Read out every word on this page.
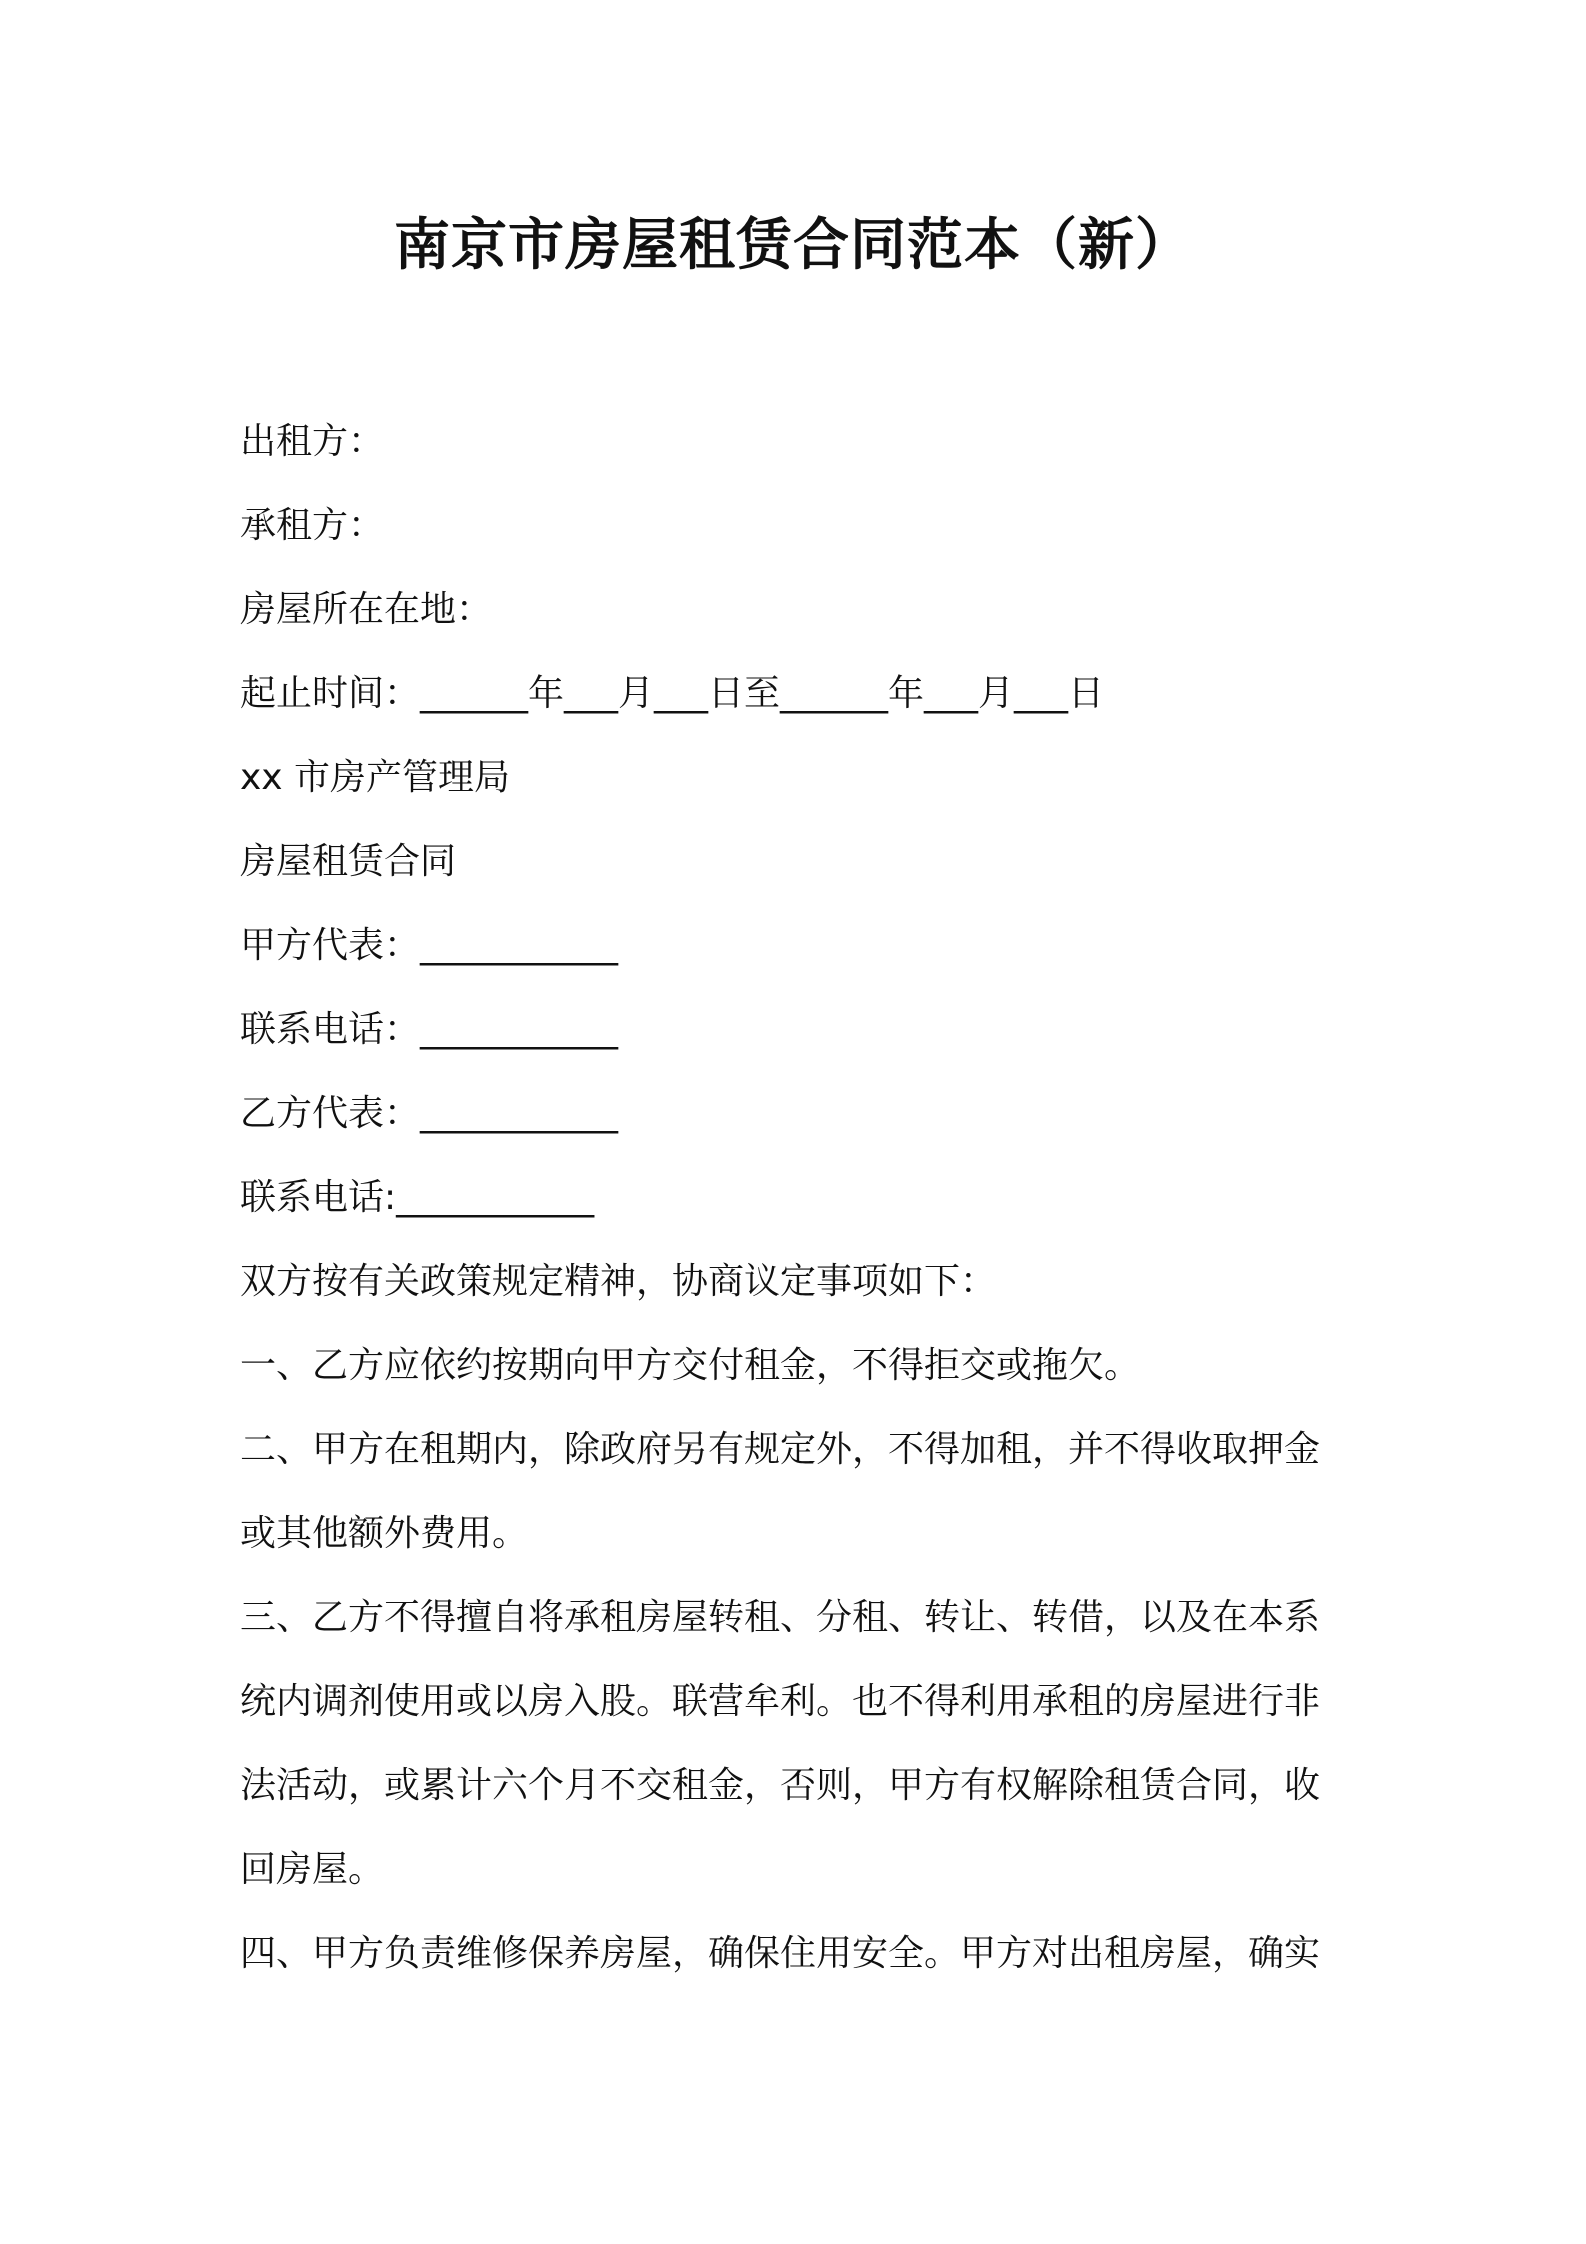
南京市房屋租赁合同范本（新）
出租方：
承租方：
房屋所在在地：
起止时间：______年___月___日至______年___月___日
xx 市房产管理局
房屋租赁合同
甲方代表：___________
联系电话：___________
乙方代表：___________
联系电话:___________
双方按有关政策规定精神，协商议定事项如下：
一、乙方应依约按期向甲方交付租金，不得拒交或拖欠。
二、甲方在租期内，除政府另有规定外，不得加租，并不得收取押金
或其他额外费用。
三、乙方不得擅自将承租房屋转租、分租、转让、转借，以及在本系
统内调剂使用或以房入股。联营牟利。也不得利用承租的房屋进行非
法活动，或累计六个月不交租金，否则，甲方有权解除租赁合同，收
回房屋。
四、甲方负责维修保养房屋，确保住用安全。甲方对出租房屋，确实
